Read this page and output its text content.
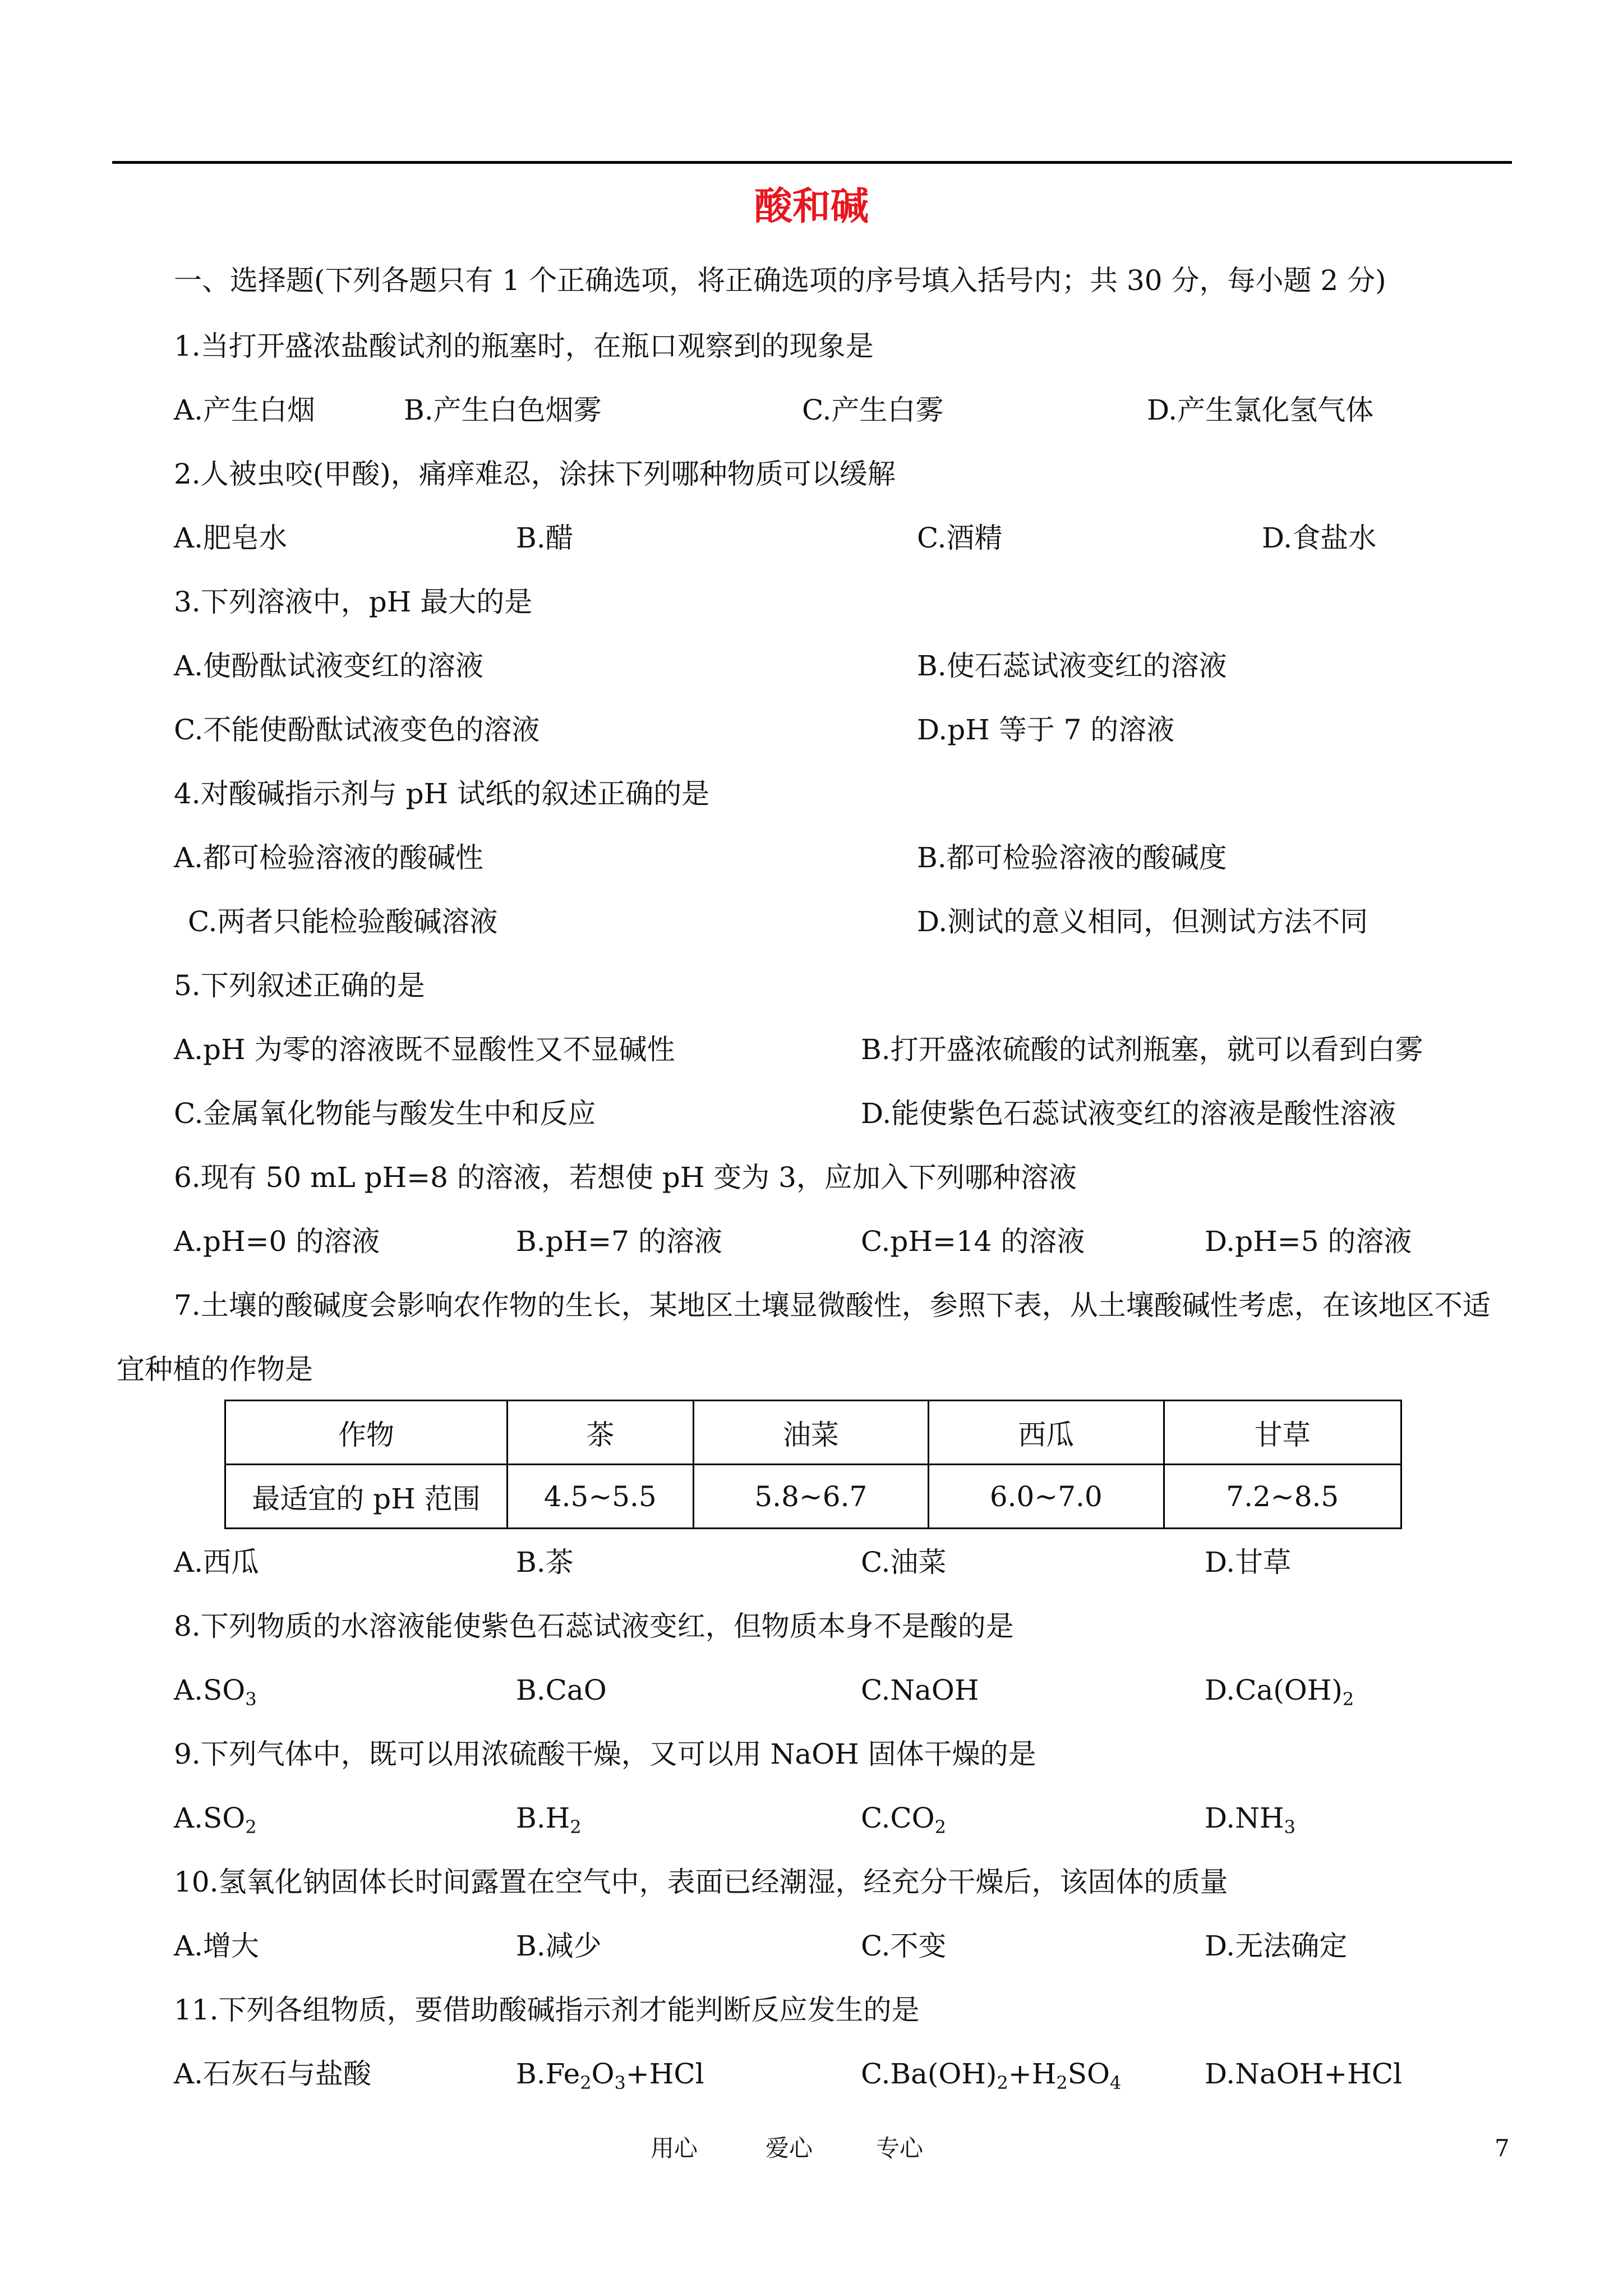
酸和碱
一、选择题(下列各题只有 1 个正确选项，将正确选项的序号填入括号内；共 30 分，每小题 2 分)
1.当打开盛浓盐酸试剂的瓶塞时，在瓶口观察到的现象是
A.产生白烟	B.产生白色烟雾	C.产生白雾	D.产生氯化氢气体
2.人被虫咬(甲酸)，痛痒难忍，涂抹下列哪种物质可以缓解
A.肥皂水	B.醋	C.酒精	D.食盐水
3.下列溶液中，pH 最大的是
A.使酚酞试液变红的溶液	B.使石蕊试液变红的溶液
C.不能使酚酞试液变色的溶液	D.pH 等于 7 的溶液
4.对酸碱指示剂与 pH 试纸的叙述正确的是
A.都可检验溶液的酸碱性	B.都可检验溶液的酸碱度
C.两者只能检验酸碱溶液	D.测试的意义相同，但测试方法不同
5.下列叙述正确的是
A.pH 为零的溶液既不显酸性又不显碱性	B.打开盛浓硫酸的试剂瓶塞，就可以看到白雾
C.金属氧化物能与酸发生中和反应	D.能使紫色石蕊试液变红的溶液是酸性溶液
6.现有 50 mL pH=8 的溶液，若想使 pH 变为 3，应加入下列哪种溶液
A.pH=0 的溶液	B.pH=7 的溶液	C.pH=14 的溶液	D.pH=5 的溶液
7.土壤的酸碱度会影响农作物的生长，某地区土壤显微酸性，参照下表，从土壤酸碱性考虑，在该地区不适
宜种植的作物是
作物	茶	油菜	西瓜	甘草
最适宜的 pH 范围	4.5~5.5	5.8~6.7	6.0~7.0	7.2~8.5
A.西瓜	B.茶	C.油菜	D.甘草
8.下列物质的水溶液能使紫色石蕊试液变红，但物质本身不是酸的是
$A.SO_3$	B.CaO	C.NaOH	$D.Ca(OH)_2$
9.下列气体中，既可以用浓硫酸干燥，又可以用 NaOH 固体干燥的是
$A.SO_2$	$B.H_2$	$C.CO_2$	$D.NH_3$
10.氢氧化钠固体长时间露置在空气中，表面已经潮湿，经充分干燥后，该固体的质量
A.增大	B.减少	C.不变	D.无法确定
11.下列各组物质，要借助酸碱指示剂才能判断反应发生的是
A.石灰石与盐酸	$B.Fe_2O_3+HCl$	$C.Ba(OH)_2+H_2SO_4$	D.NaOH+HCl
用心	爱心	专心	7
